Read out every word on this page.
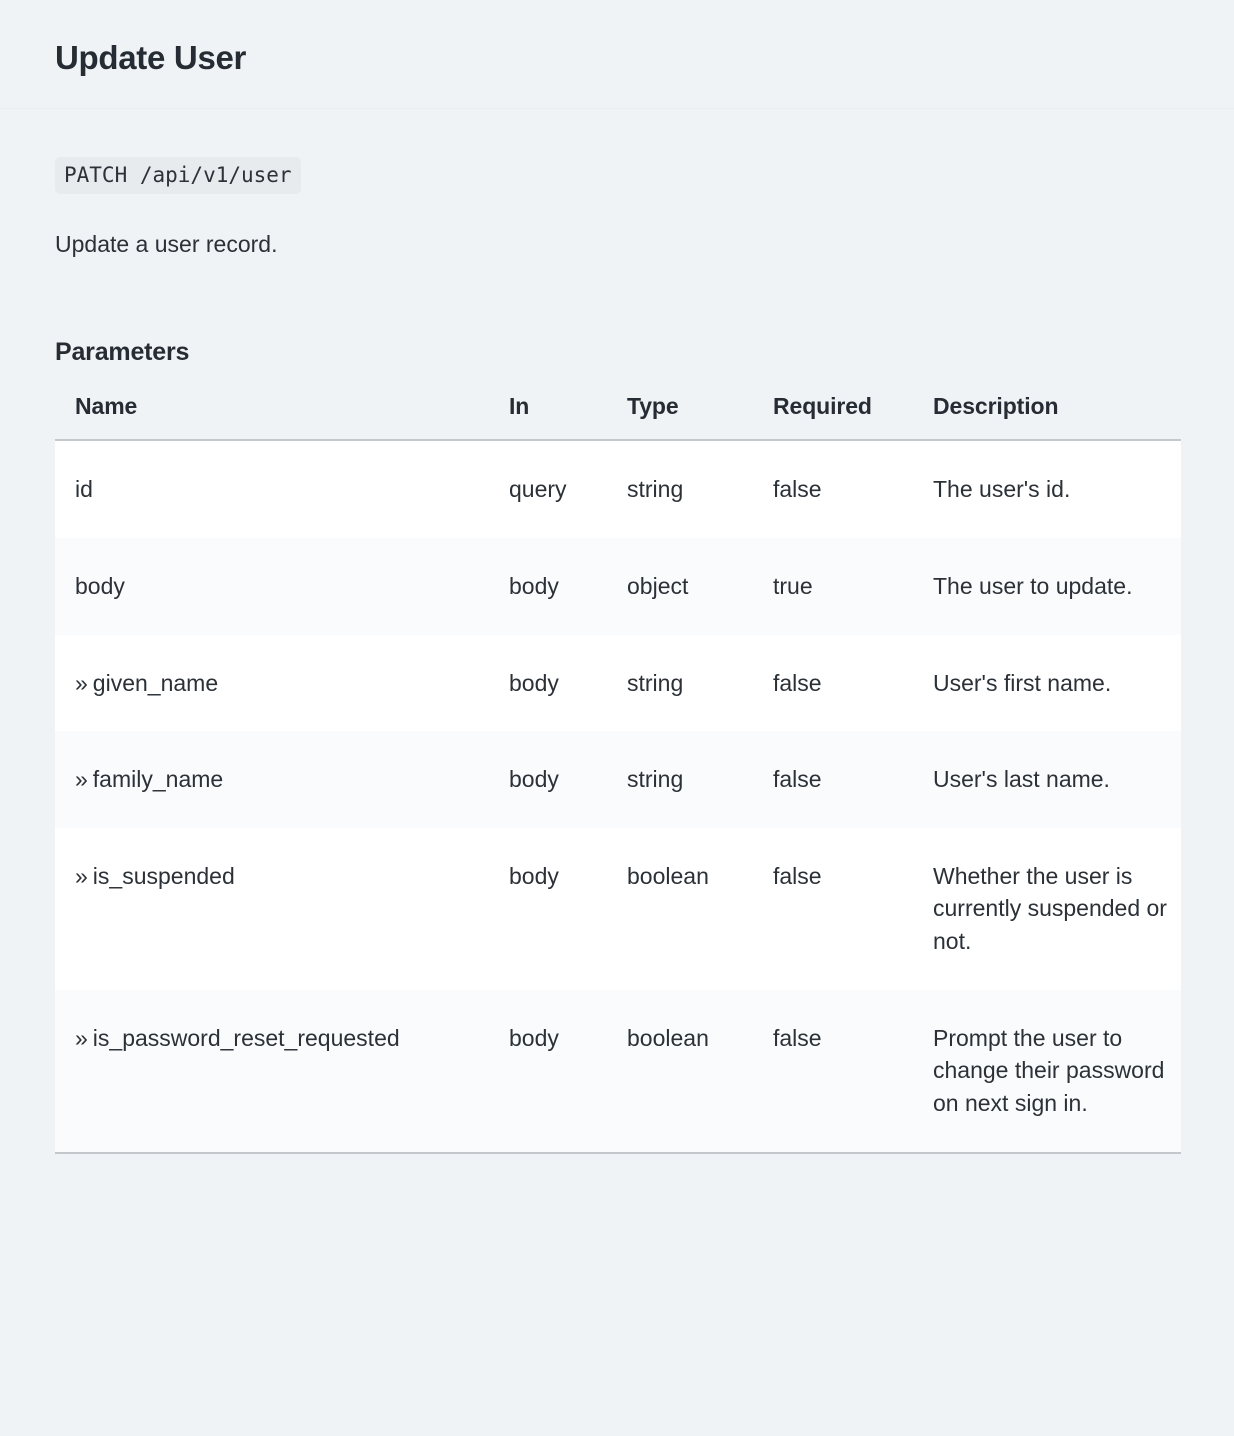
Update User
PATCH /api/v1/user
Update a user record.
Parameters
Name	In	Type	Required	Description
id	query	string	false	The user's id.
body	body	object	true	The user to update.
» given_name	body	string	false	User's first name.
» family_name	body	string	false	User's last name.
» is_suspended	body	boolean	false	Whether the user is currently suspended or not.
» is_password_reset_requested	body	boolean	false	Prompt the user to change their password on next sign in.
